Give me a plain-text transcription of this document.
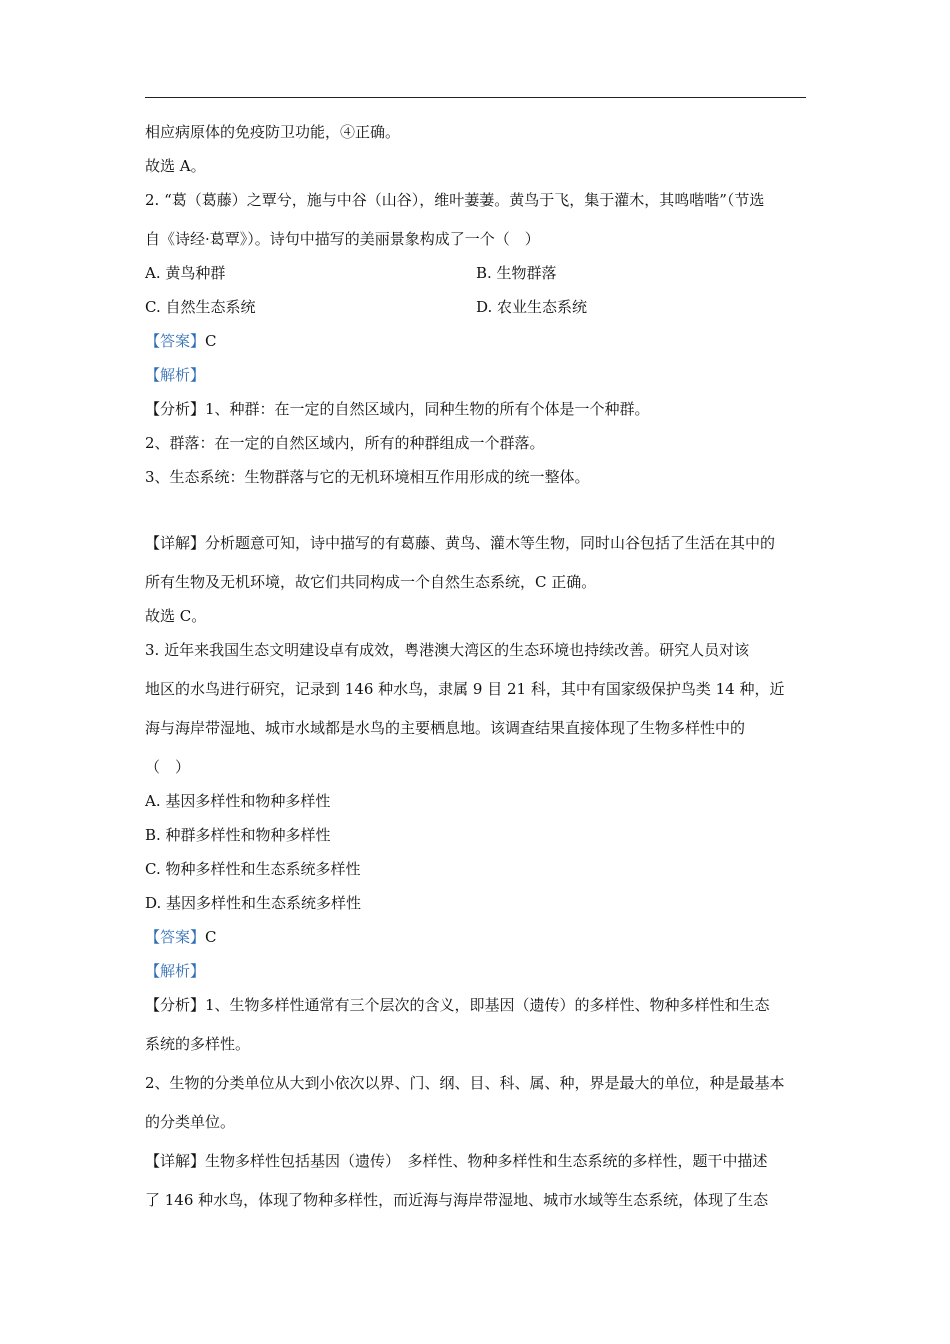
相应病原体的免疫防卫功能，④正确。
故选 A。
2. “葛（葛藤）之覃兮，施与中谷（山谷），维叶萋萋。黄鸟于飞，集于灌木，其鸣喈喈”（节选
自《诗经·葛覃》）。诗句中描写的美丽景象构成了一个（　）
A. 黄鸟种群	B. 生物群落
C. 自然生态系统	D. 农业生态系统
【答案】C
【解析】
【分析】1、种群：在一定的自然区域内，同种生物的所有个体是一个种群。
2、群落：在一定的自然区域内，所有的种群组成一个群落。
3、生态系统：生物群落与它的无机环境相互作用形成的统一整体。
【详解】分析题意可知，诗中描写的有葛藤、黄鸟、灌木等生物，同时山谷包括了生活在其中的
所有生物及无机环境，故它们共同构成一个自然生态系统，C 正确。
故选 C。
3. 近年来我国生态文明建设卓有成效，粤港澳大湾区的生态环境也持续改善。研究人员对该
地区的水鸟进行研究，记录到 146 种水鸟，隶属 9 目 21 科，其中有国家级保护鸟类 14 种，近
海与海岸带湿地、城市水域都是水鸟的主要栖息地。该调查结果直接体现了生物多样性中的
（　）
A. 基因多样性和物种多样性
B. 种群多样性和物种多样性
C. 物种多样性和生态系统多样性
D. 基因多样性和生态系统多样性
【答案】C
【解析】
【分析】1、生物多样性通常有三个层次的含义，即基因（遗传）的多样性、物种多样性和生态
系统的多样性。
2、生物的分类单位从大到小依次以界、门、纲、目、科、属、种，界是最大的单位，种是最基本
的分类单位。
【详解】生物多样性包括基因（遗传）　多样性、物种多样性和生态系统的多样性，题干中描述
了 146 种水鸟，体现了物种多样性，而近海与海岸带湿地、城市水域等生态系统，体现了生态
